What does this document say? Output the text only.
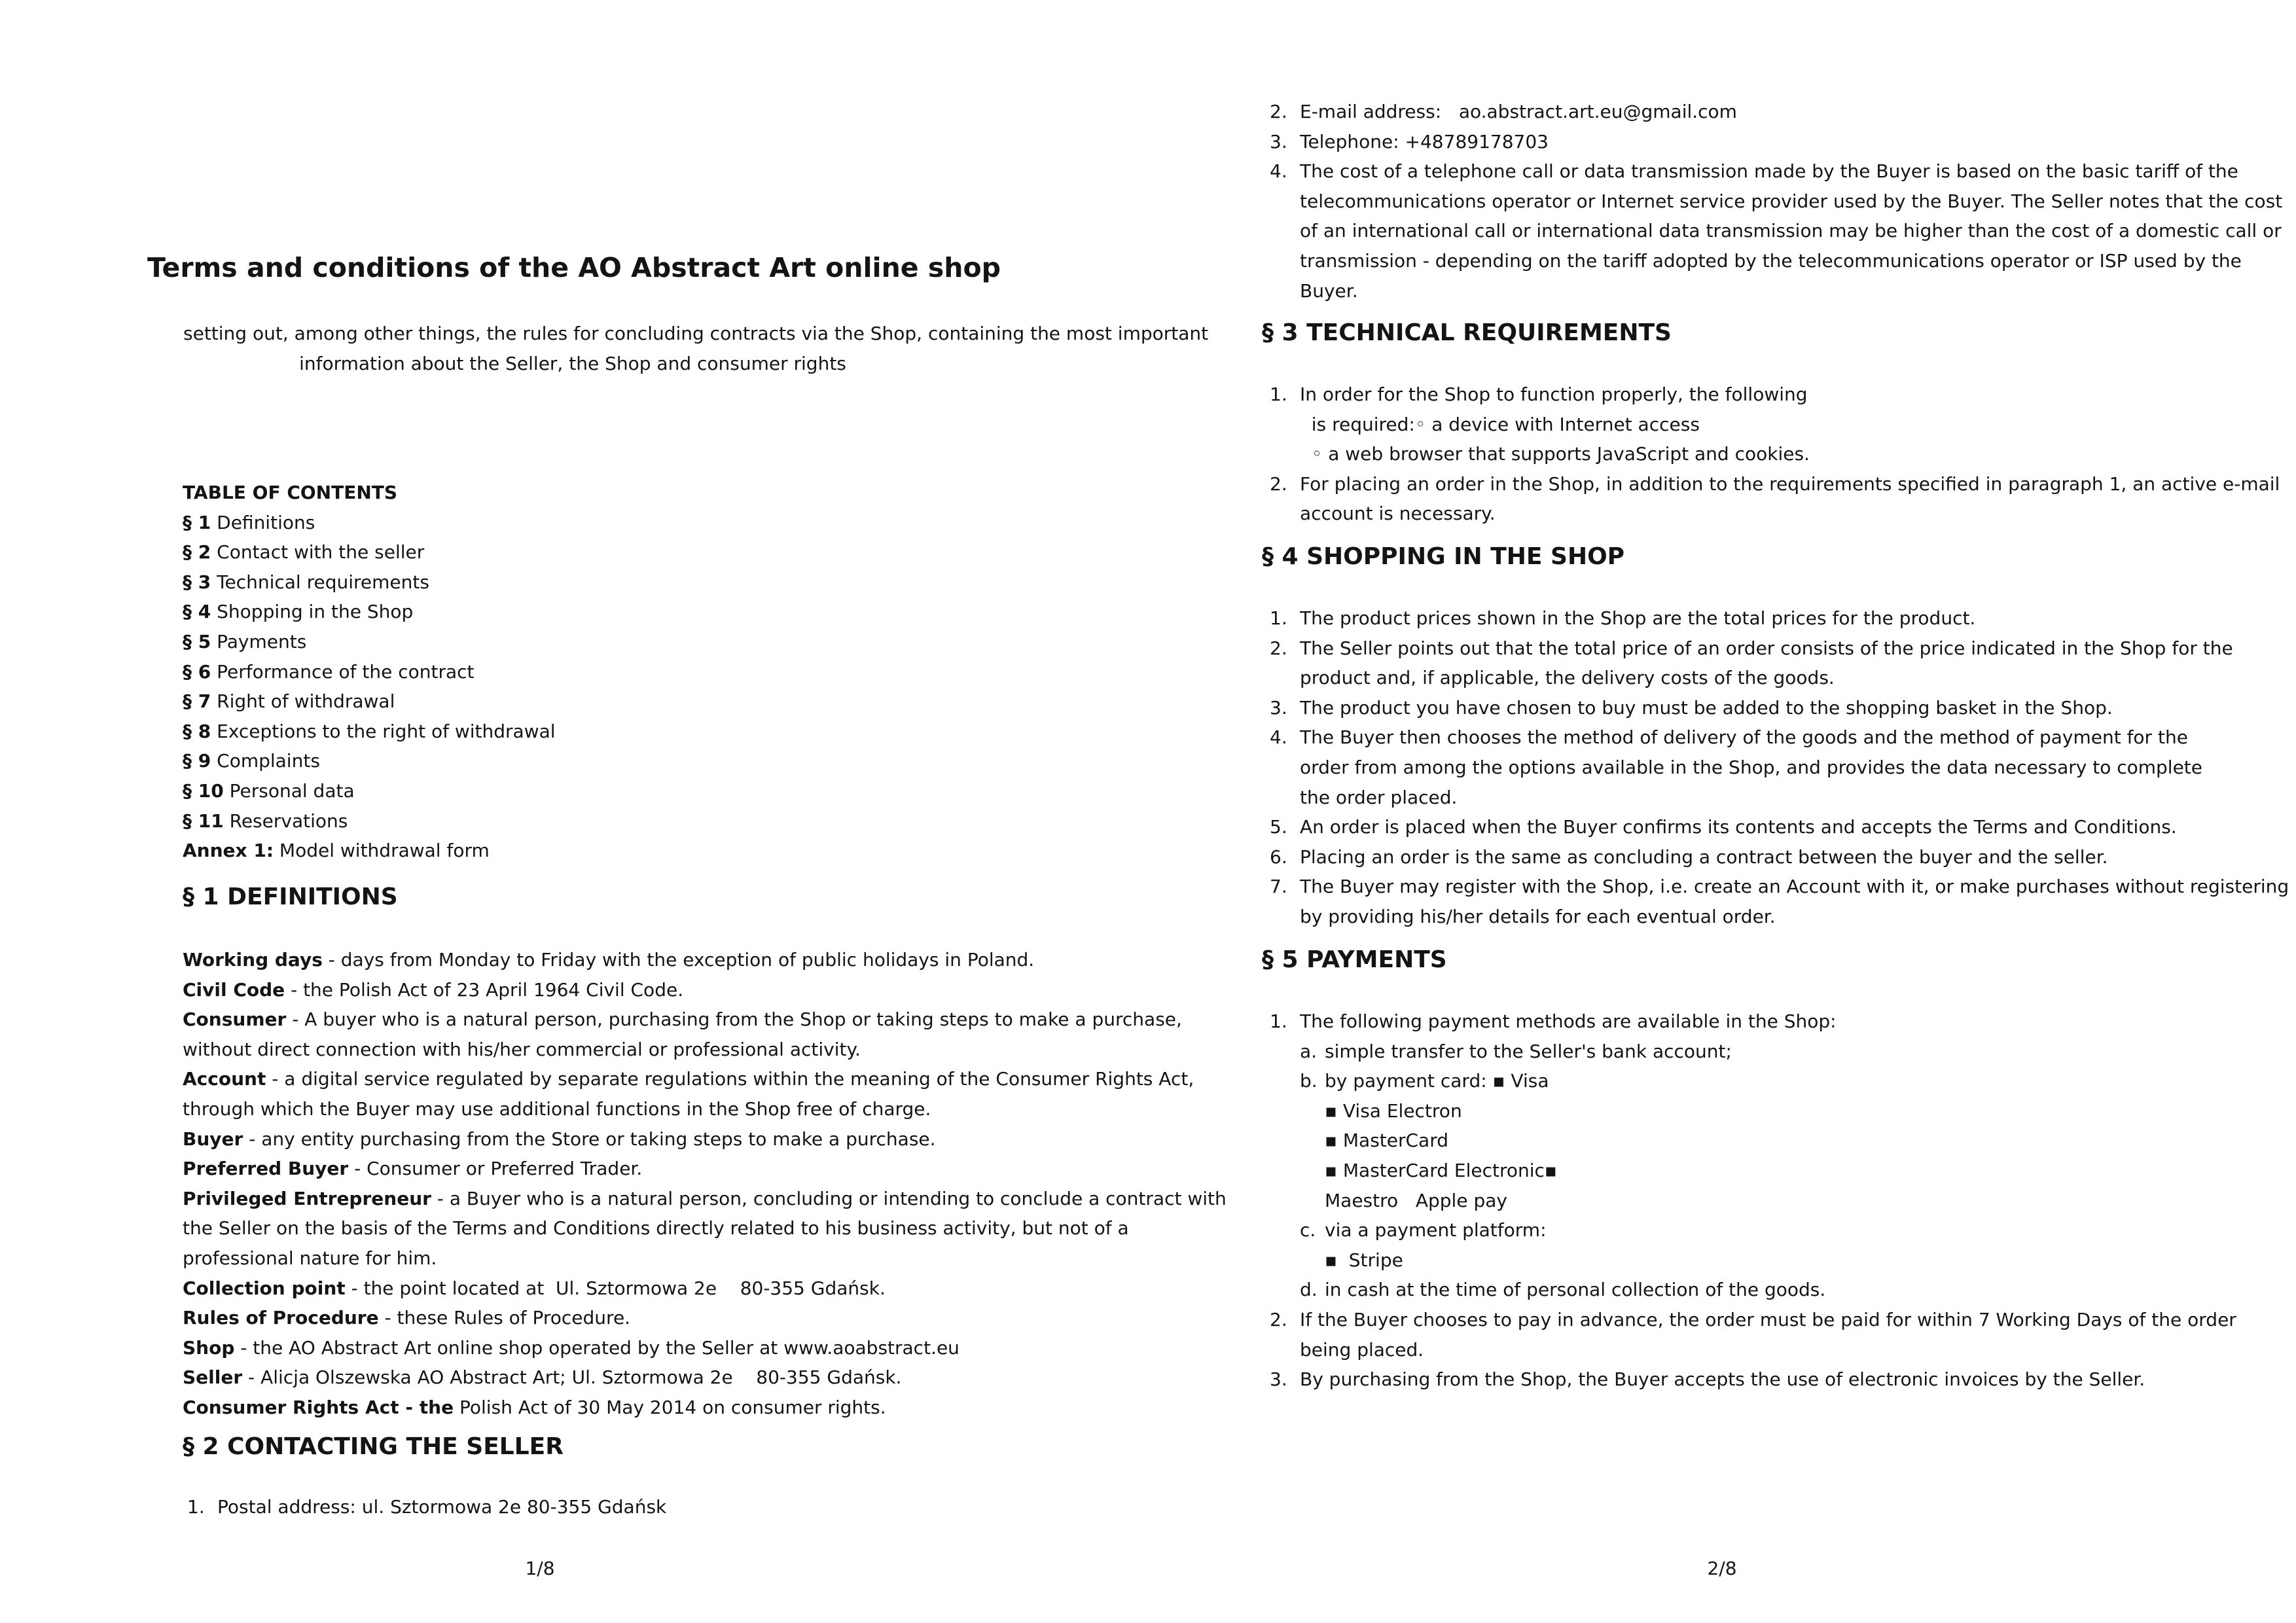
Terms and conditions of the AO Abstract Art online shop
setting out, among other things, the rules for concluding contracts via the Shop, containing the most important
information about the Seller, the Shop and consumer rights
TABLE OF CONTENTS
§ 1 Definitions
§ 2 Contact with the seller
§ 3 Technical requirements
§ 4 Shopping in the Shop
§ 5 Payments
§ 6 Performance of the contract
§ 7 Right of withdrawal
§ 8 Exceptions to the right of withdrawal
§ 9 Complaints
§ 10 Personal data
§ 11 Reservations
Annex 1: Model withdrawal form
§ 1 DEFINITIONS
Working days - days from Monday to Friday with the exception of public holidays in Poland.
Civil Code - the Polish Act of 23 April 1964 Civil Code.
Consumer - A buyer who is a natural person, purchasing from the Shop or taking steps to make a purchase,
without direct connection with his/her commercial or professional activity.
Account - a digital service regulated by separate regulations within the meaning of the Consumer Rights Act,
through which the Buyer may use additional functions in the Shop free of charge.
Buyer - any entity purchasing from the Store or taking steps to make a purchase.
Preferred Buyer - Consumer or Preferred Trader.
Privileged Entrepreneur - a Buyer who is a natural person, concluding or intending to conclude a contract with
the Seller on the basis of the Terms and Conditions directly related to his business activity, but not of a
professional nature for him.
Collection point - the point located at  Ul. Sztormowa 2e    80-355 Gdańsk.
Rules of Procedure - these Rules of Procedure.
Shop - the AO Abstract Art online shop operated by the Seller at www.aoabstract.eu
Seller - Alicja Olszewska AO Abstract Art; Ul. Sztormowa 2e    80-355 Gdańsk.
Consumer Rights Act - the Polish Act of 30 May 2014 on consumer rights.
§ 2 CONTACTING THE SELLER
1. Postal address: ul. Sztormowa 2e 80-355 Gdańsk
1/8
2. E-mail address:   ao.abstract.art.eu@gmail.com
3. Telephone: +48789178703
4. The cost of a telephone call or data transmission made by the Buyer is based on the basic tariff of the
telecommunications operator or Internet service provider used by the Buyer. The Seller notes that the cost
of an international call or international data transmission may be higher than the cost of a domestic call or
transmission - depending on the tariff adopted by the telecommunications operator or ISP used by the
Buyer.
§ 3 TECHNICAL REQUIREMENTS
1. In order for the Shop to function properly, the following
is required:◦ a device with Internet access
◦ a web browser that supports JavaScript and cookies.
2. For placing an order in the Shop, in addition to the requirements specified in paragraph 1, an active e-mail
account is necessary.
§ 4 SHOPPING IN THE SHOP
1. The product prices shown in the Shop are the total prices for the product.
2. The Seller points out that the total price of an order consists of the price indicated in the Shop for the
product and, if applicable, the delivery costs of the goods.
3. The product you have chosen to buy must be added to the shopping basket in the Shop.
4. The Buyer then chooses the method of delivery of the goods and the method of payment for the
order from among the options available in the Shop, and provides the data necessary to complete
the order placed.
5. An order is placed when the Buyer confirms its contents and accepts the Terms and Conditions.
6. Placing an order is the same as concluding a contract between the buyer and the seller.
7. The Buyer may register with the Shop, i.e. create an Account with it, or make purchases without registering
by providing his/her details for each eventual order.
§ 5 PAYMENTS
1. The following payment methods are available in the Shop:
a. simple transfer to the Seller's bank account;
b. by payment card: ▪ Visa
▪ Visa Electron
▪ MasterCard
▪ MasterCard Electronic▪
Maestro   Apple pay
c. via a payment platform:
▪  Stripe
d. in cash at the time of personal collection of the goods.
2. If the Buyer chooses to pay in advance, the order must be paid for within 7 Working Days of the order
being placed.
3. By purchasing from the Shop, the Buyer accepts the use of electronic invoices by the Seller.
2/8
